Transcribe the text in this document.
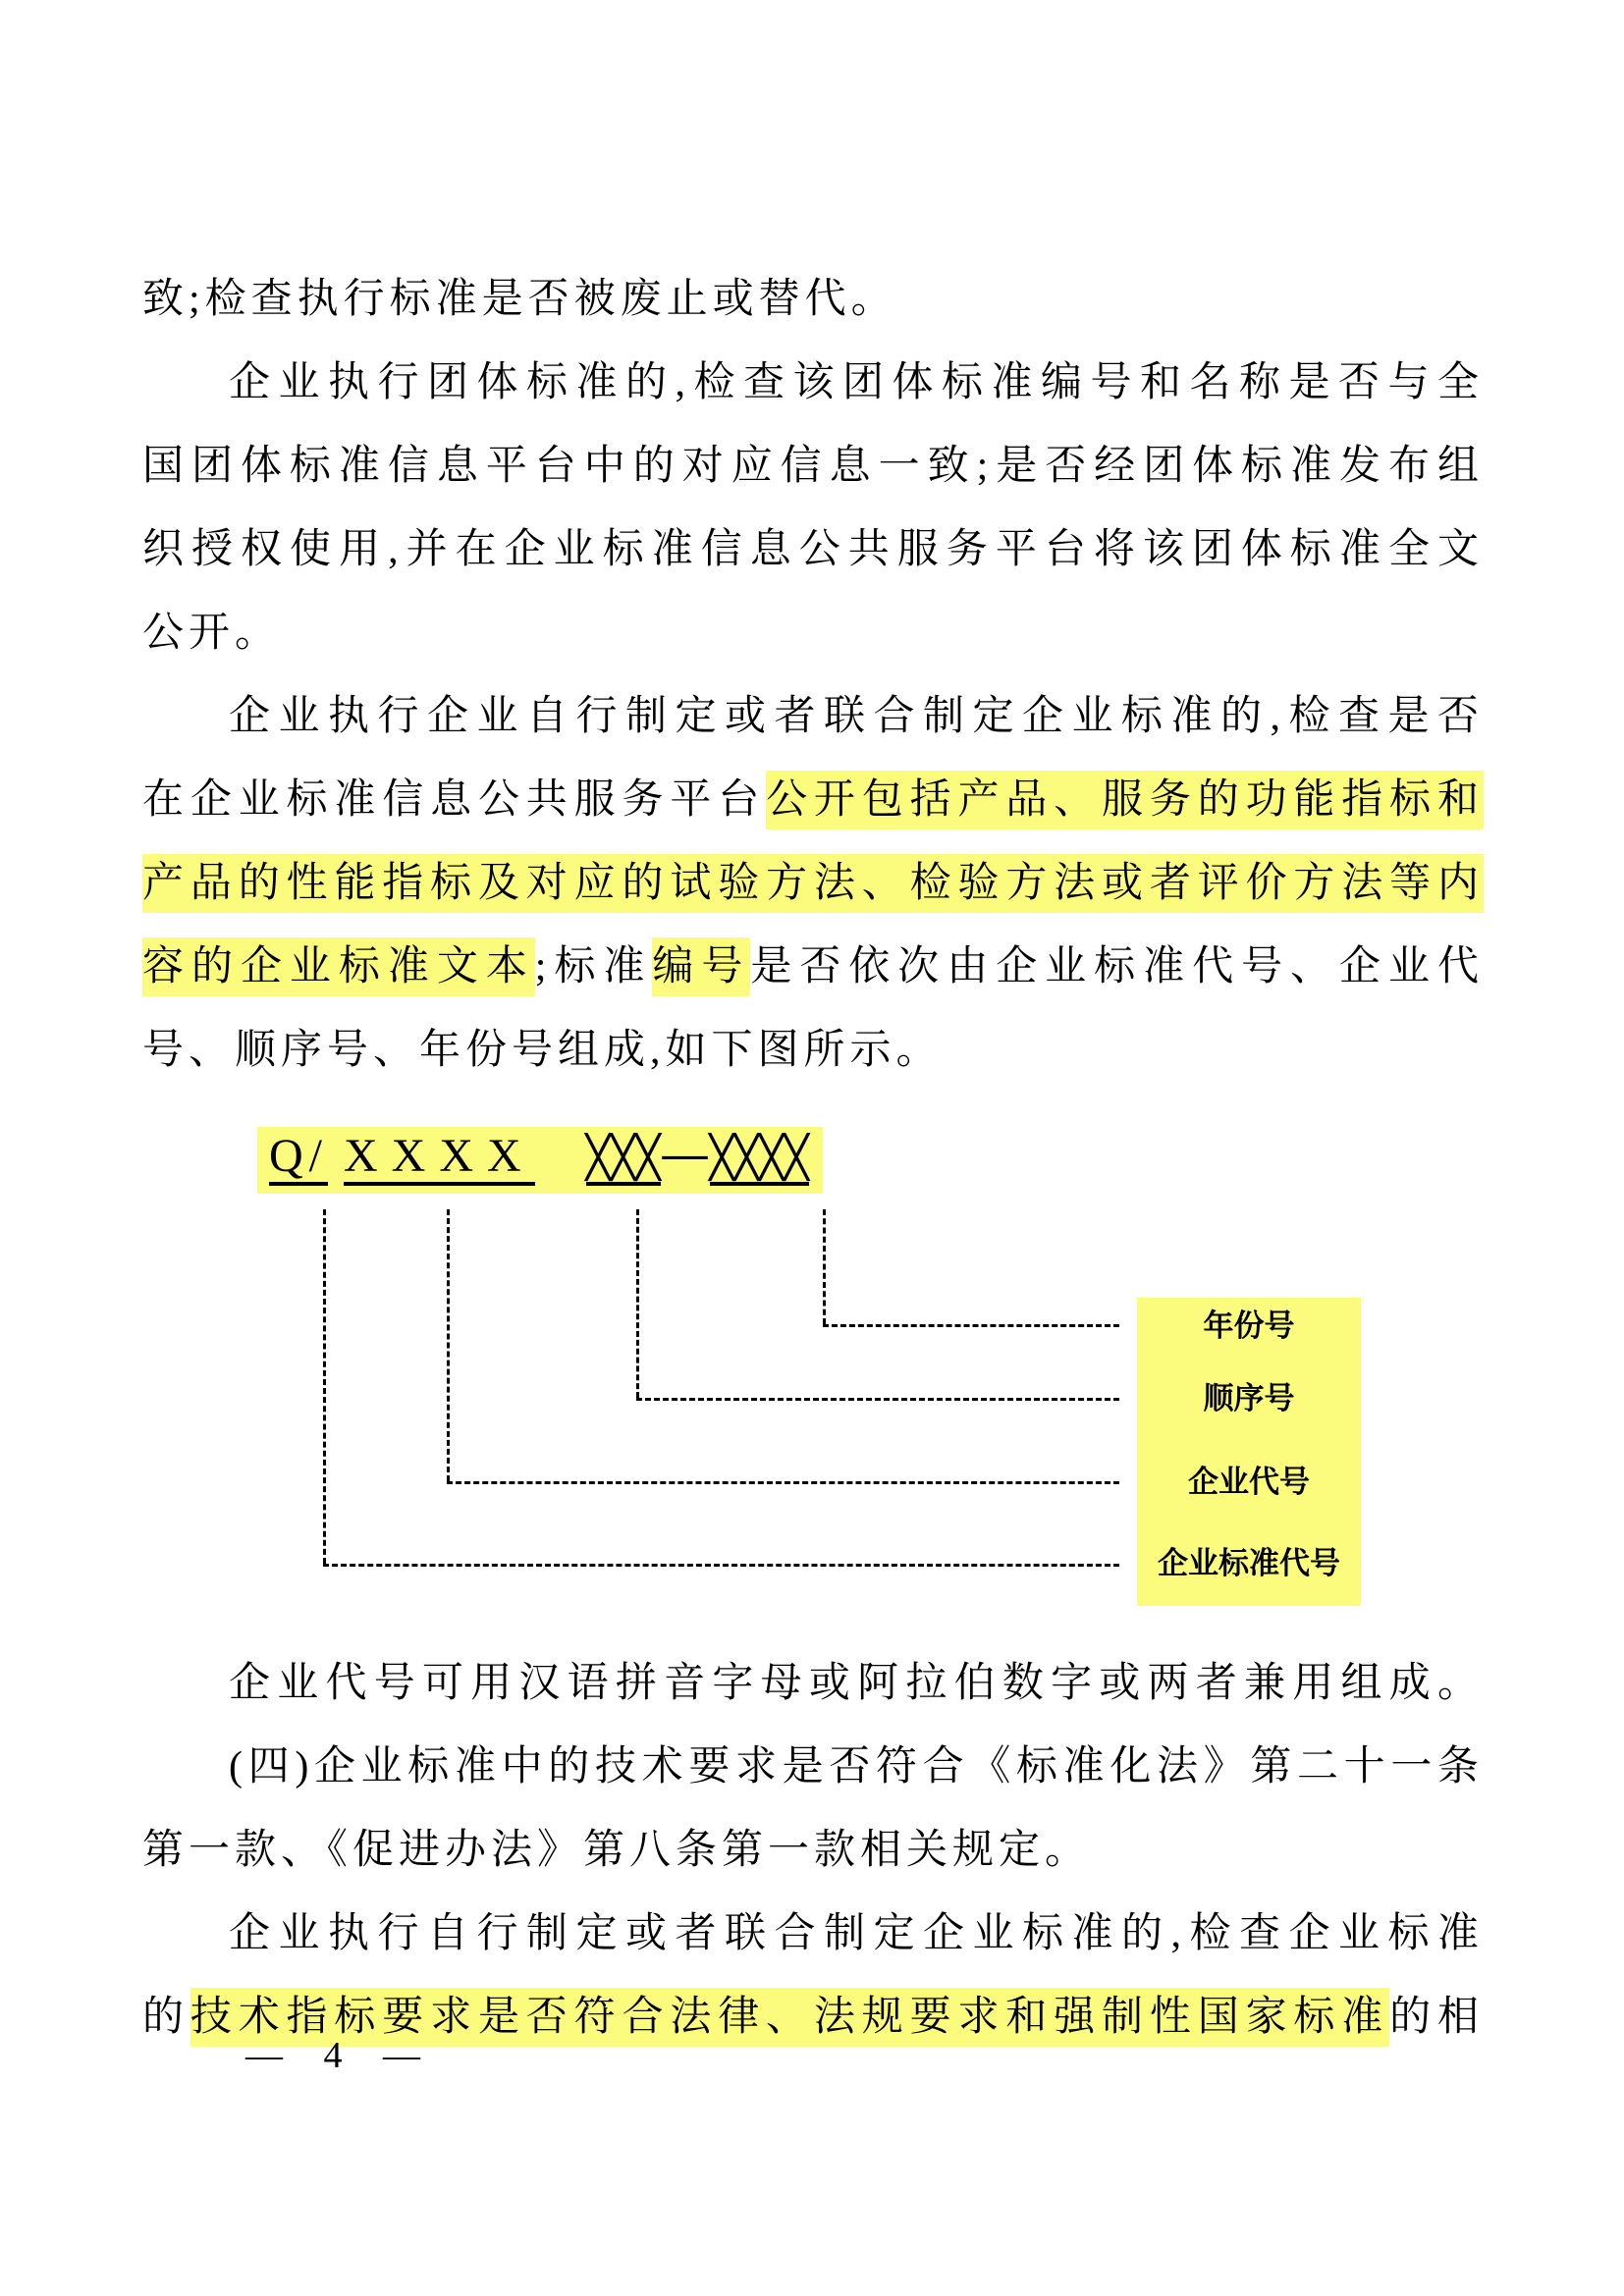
致;检查执行标准是否被废止或替代。
企业执行团体标准的,检查该团体标准编号和名称是否与全
国团体标准信息平台中的对应信息一致;是否经团体标准发布组
织授权使用,并在企业标准信息公共服务平台将该团体标准全文
公开。
企业执行企业自行制定或者联合制定企业标准的,检查是否
在企业标准信息公共服务平台公开包括产品、服务的功能指标和
产品的性能指标及对应的试验方法、检验方法或者评价方法等内
容的企业标准文本;标准编号是否依次由企业标准代号、企业代
号、顺序号、年份号组成,如下图所示。
Q/ XXXX ╳╳╳ — ╳╳╳╳
年份号
顺序号
企业代号
企业标准代号
企业代号可用汉语拼音字母或阿拉伯数字或两者兼用组成。
(四)企业标准中的技术要求是否符合《标准化法》第二十一条
第一款、《促进办法》第八条第一款相关规定。
企业执行自行制定或者联合制定企业标准的,检查企业标准
的技术指标要求是否符合法律、法规要求和强制性国家标准的相
— 4 —
